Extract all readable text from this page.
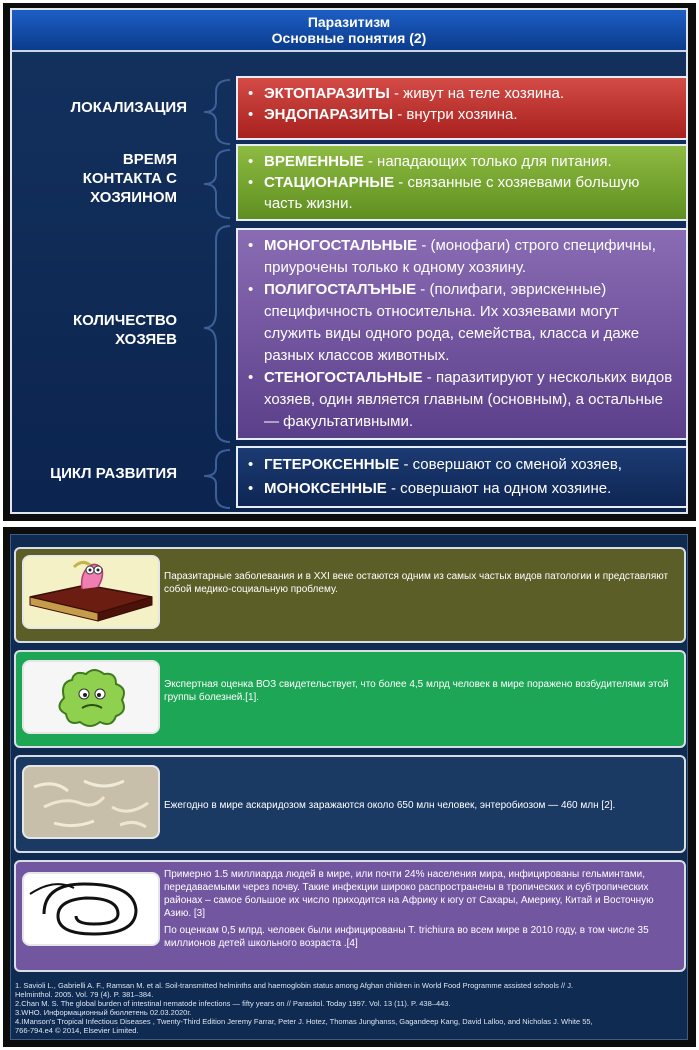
Паразитизм
Основные понятия (2)
ЛОКАЛИЗАЦИЯ
ВРЕМЯ
КОНТАКТА С
ХОЗЯИНОМ
КОЛИЧЕСТВО
ХОЗЯЕВ
ЦИКЛ РАЗВИТИЯ
• ЭКТОПАРАЗИТЫ - живут на теле хозяина.
• ЭНДОПАРАЗИТЫ - внутри хозяина.
• ВРЕМЕННЫЕ - нападающих только для питания.
• СТАЦИОНАРНЫЕ - связанные с хозяевами большую часть жизни.
• МОНОГОСТАЛЬНЫЕ - (монофаги) строго специфичны, приурочены только к одному хозяину.
• ПОЛИГОСТАЛЪНЫЕ - (полифаги, эврискенные) специфичность относительна. Их хозяевами могут служить виды одного рода, семейства, класса и даже разных классов животных.
• СТЕНОГОСТАЛЬНЫЕ - паразитируют у нескольких видов хозяев, один является главным (основным), а остальные — факультативными.
• ГЕТЕРОКСЕННЫЕ - совершают со сменой хозяев,
• МОНОКСЕННЫЕ - совершают на одном хозяине.
Паразитарные заболевания и в XXI веке остаются одним из самых частых видов патологии и представляют собой медико-социальную проблему.
Экспертная оценка ВОЗ свидетельствует, что более 4,5 млрд человек в мире поражено возбудителями этой группы болезней.[1].
Ежегодно в мире аскаридозом заражаются около 650 млн человек, энтеробиозом — 460 млн [2].
Примерно 1.5 миллиарда людей в мире, или почти 24% населения мира, инфицированы гельминтами, передаваемыми через почву. Такие инфекции широко распространены в тропических и субтропических районах – самое большое их число приходится на Африку к югу от Сахары, Америку, Китай и Восточную Азию. [3]
По оценкам 0,5 млрд. человек были инфицированы T. trichiura во всем мире в 2010 году, в том числе 35 миллионов детей школьного возраста .[4]
1. Savioli L., Gabrielli A. F., Ramsan M. et al. Soil-transmitted helminths and haemoglobin status among Afghan children in World Food Programme assisted schools // J.
Helminthol. 2005. Vol. 79 (4). P. 381–384.
2.Chan M. S. The global burden of intestinal nematode infections — fifty years on // Parasitol. Today 1997. Vol. 13 (11). P. 438–443.
3.WHO. Информационный бюллетень 02.03.2020г.
4.IManson's Tropical Infectious Diseases , Twenty-Third Edition Jeremy Farrar, Peter J. Hotez, Thomas Junghanss, Gagandeep Kang, David Lalloo, and Nicholas J. White 55,
766-794.e4 © 2014, Elsevier Limited.
